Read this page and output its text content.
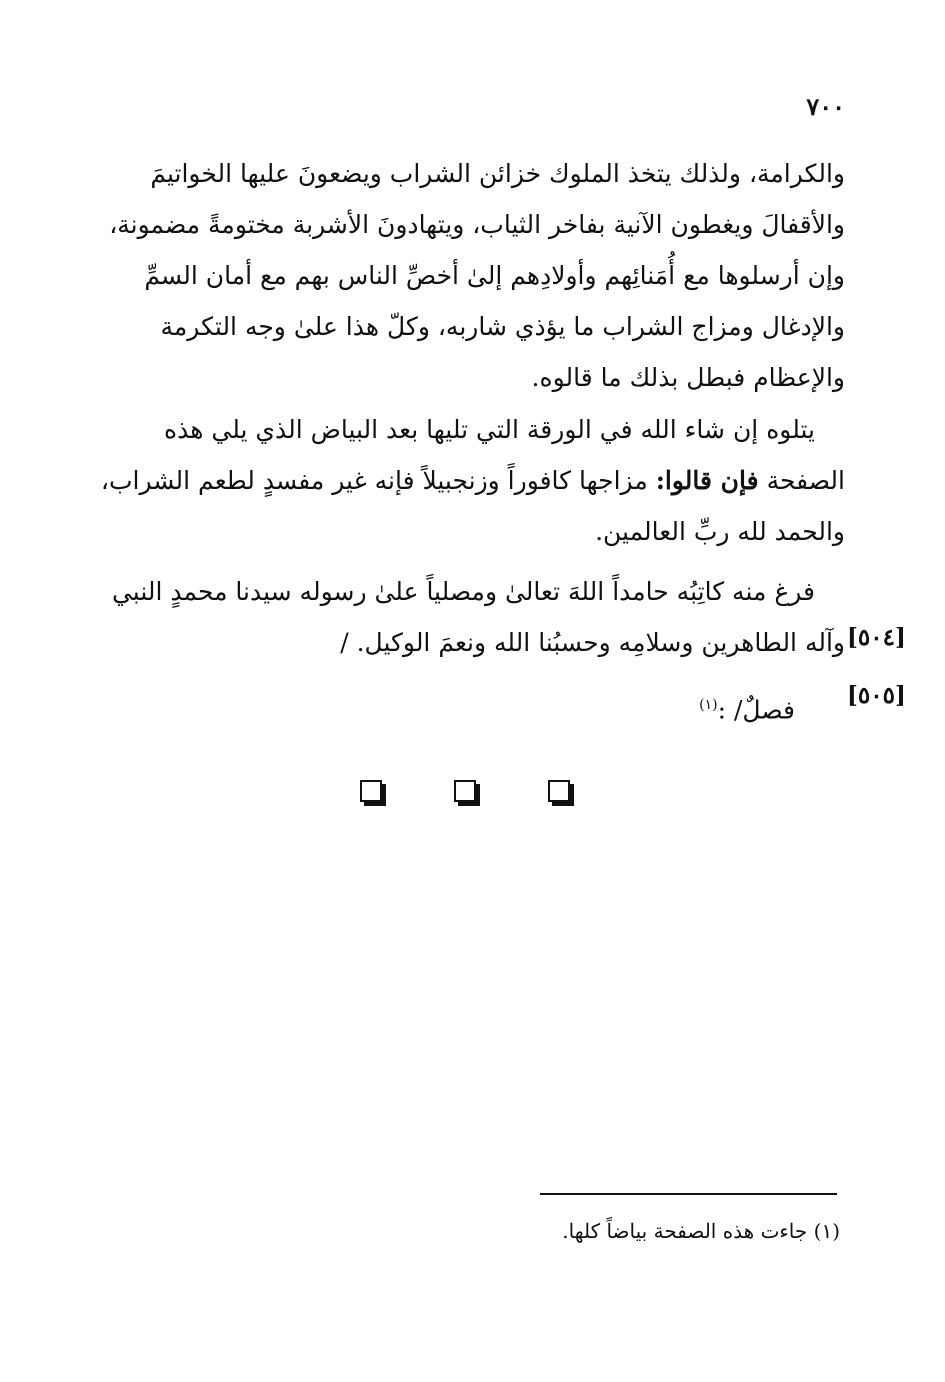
٧٠٠
والكرامة، ولذلك يتخذ الملوك خزائن الشراب ويضعونَ عليها الخواتيمَ
والأقفالَ ويغطون الآنية بفاخر الثياب، ويتهادونَ الأشربة مختومةً مضمونة،
وإن أرسلوها مع أُمَنائِهم وأولادِهم إلىٰ أخصِّ الناس بهم مع أمان السمِّ
والإدغال ومزاج الشراب ما يؤذي شاربه، وكلّ هذا علىٰ وجه التكرمة
والإعظام فبطل بذلك ما قالوه.
يتلوه إن شاء الله في الورقة التي تليها بعد البياض الذي يلي هذه
الصفحة فإن قالوا: مزاجها كافوراً وزنجبيلاً فإنه غير مفسدٍ لطعم الشراب،
والحمد لله ربِّ العالمين.
فرغ منه كاتِبُه حامداً اللهَ تعالىٰ ومصلياً علىٰ رسوله سيدنا محمدٍ النبي
وآله الطاهرين وسلامِه وحسبُنا الله ونعمَ الوكيل. / [٥٠٤]
[٥٠٥]
فصلٌ/ :$^{(١)}$
(١) جاءت هذه الصفحة بياضاً كلها.
